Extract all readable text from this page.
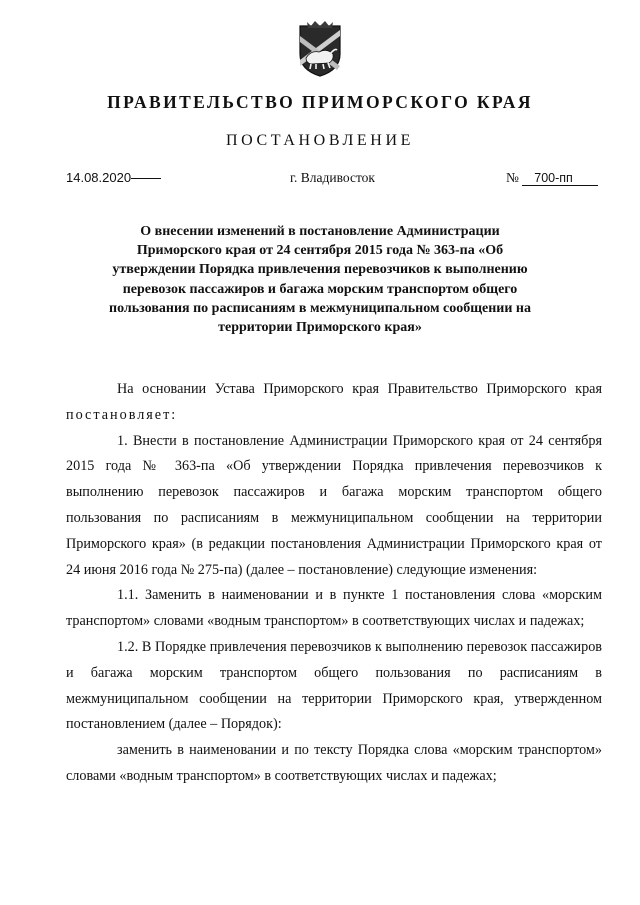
ПРАВИТЕЛЬСТВО ПРИМОРСКОГО КРАЯ
ПОСТАНОВЛЕНИЕ
14.08.2020	г. Владивосток	№ 700-пп
О внесении изменений в постановление Администрации Приморского края от 24 сентября 2015 года № 363-па «Об утверждении Порядка привлечения перевозчиков к выполнению перевозок пассажиров и багажа морским транспортом общего пользования по расписаниям в межмуниципальном сообщении на территории Приморского края»

На основании Устава Приморского края Правительство Приморского края постановляет:

1. Внести в постановление Администрации Приморского края от 24 сентября 2015 года № 363-па «Об утверждении Порядка привлечения перевозчиков к выполнению перевозок пассажиров и багажа морским транспортом общего пользования по расписаниям в межмуниципальном сообщении на территории Приморского края» (в редакции постановления Администрации Приморского края от 24 июня 2016 года № 275-па) (далее – постановление) следующие изменения:

1.1. Заменить в наименовании и в пункте 1 постановления слова «морским транспортом» словами «водным транспортом» в соответствующих числах и падежах;

1.2. В Порядке привлечения перевозчиков к выполнению перевозок пассажиров и багажа морским транспортом общего пользования по расписаниям в межмуниципальном сообщении на территории Приморского края, утвержденном постановлением (далее – Порядок):

заменить в наименовании и по тексту Порядка слова «морским транспортом» словами «водным транспортом» в соответствующих числах и падежах;
